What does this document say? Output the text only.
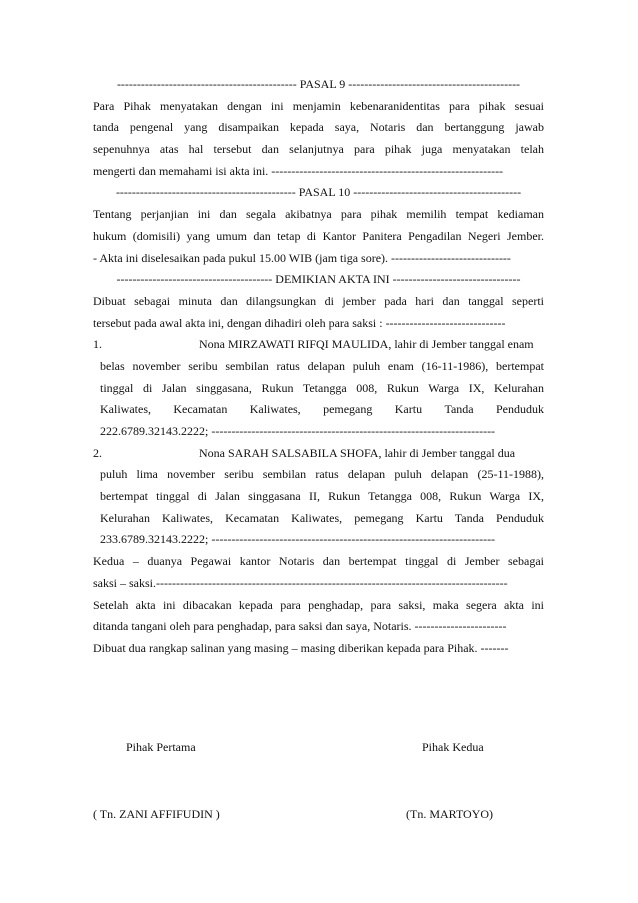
--------------------------------------------- PASAL 9 -------------------------------------------
Para Pihak menyatakan dengan ini menjamin kebenaranidentitas para pihak sesuai
tanda pengenal yang disampaikan kepada saya, Notaris dan bertanggung jawab
sepenuhnya atas hal tersebut dan selanjutnya para pihak juga menyatakan telah
mengerti dan memahami isi akta ini. ----------------------------------------------------------
--------------------------------------------- PASAL 10 ------------------------------------------
Tentang perjanjian ini dan segala akibatnya para pihak memilih tempat kediaman
hukum (domisili) yang umum dan tetap di Kantor Panitera Pengadilan Negeri Jember.
- Akta ini diselesaikan pada pukul 15.00 WIB (jam tiga sore). ------------------------------
--------------------------------------- DEMIKIAN AKTA INI --------------------------------
Dibuat sebagai minuta dan dilangsungkan di jember pada hari dan tanggal seperti
tersebut pada awal akta ini, dengan dihadiri oleh para saksi : ------------------------------
1.	Nona MIRZAWATI RIFQI MAULIDA, lahir di Jember tanggal enam
belas november seribu sembilan ratus delapan puluh enam (16-11-1986), bertempat
tinggal di Jalan singgasana, Rukun Tetangga 008, Rukun Warga IX, Kelurahan
Kaliwates, Kecamatan Kaliwates, pemegang Kartu Tanda Penduduk
222.6789.32143.2222; -----------------------------------------------------------------------
2.	Nona SARAH SALSABILA SHOFA, lahir di Jember tanggal dua
puluh lima november seribu sembilan ratus delapan puluh delapan (25-11-1988),
bertempat tinggal di Jalan singgasana II, Rukun Tetangga 008, Rukun Warga IX,
Kelurahan Kaliwates, Kecamatan Kaliwates, pemegang Kartu Tanda Penduduk
233.6789.32143.2222; -----------------------------------------------------------------------
Kedua – duanya Pegawai kantor Notaris dan bertempat tinggal di Jember sebagai
saksi – saksi.----------------------------------------------------------------------------------------
Setelah akta ini dibacakan kepada para penghadap, para saksi, maka segera akta ini
ditanda tangani oleh para penghadap, para saksi dan saya, Notaris. -----------------------
Dibuat dua rangkap salinan yang masing – masing diberikan kepada para Pihak. -------
Pihak Pertama	Pihak Kedua
( Tn. ZANI AFFIFUDIN )	(Tn. MARTOYO)
